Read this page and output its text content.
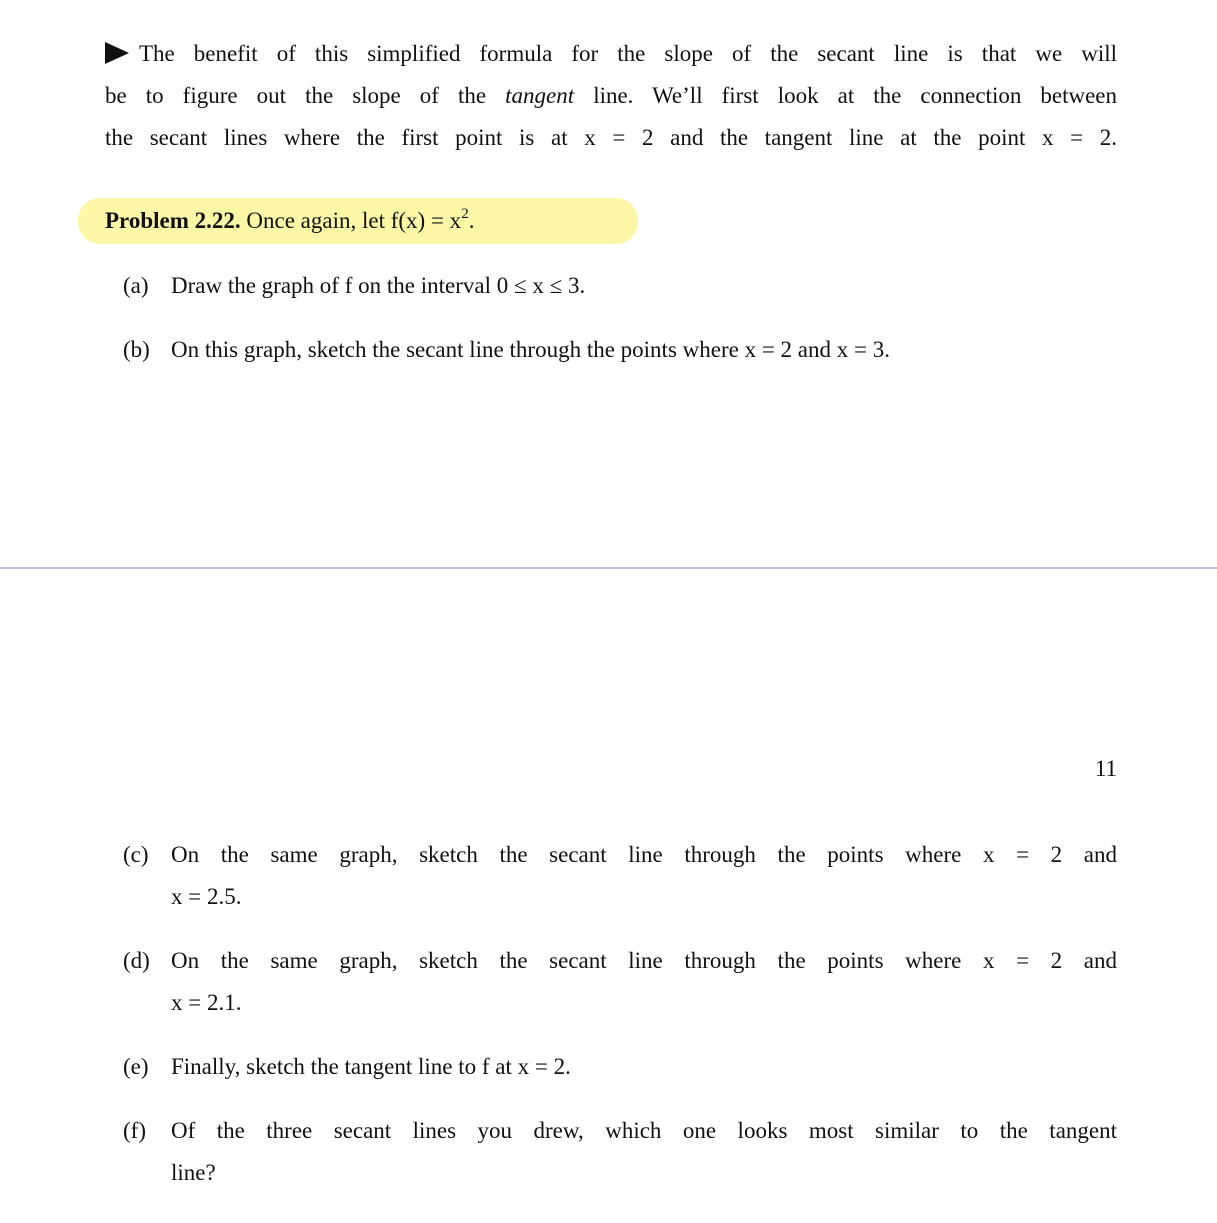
The benefit of this simplified formula for the slope of the secant line is that we will
be to figure out the slope of the tangent line. We’ll first look at the connection between
the secant lines where the first point is at x = 2 and the tangent line at the point x = 2.
Problem 2.22. Once again, let $f(x) = x^2$.
(a) Draw the graph of f on the interval 0 ≤ x ≤ 3.
(b) On this graph, sketch the secant line through the points where x = 2 and x = 3.
11
(c) On the same graph, sketch the secant line through the points where x = 2 and
x = 2.5.
(d) On the same graph, sketch the secant line through the points where x = 2 and
x = 2.1.
(e) Finally, sketch the tangent line to f at x = 2.
(f)	Of the three secant lines you drew, which one looks most similar to the tangent
line?
